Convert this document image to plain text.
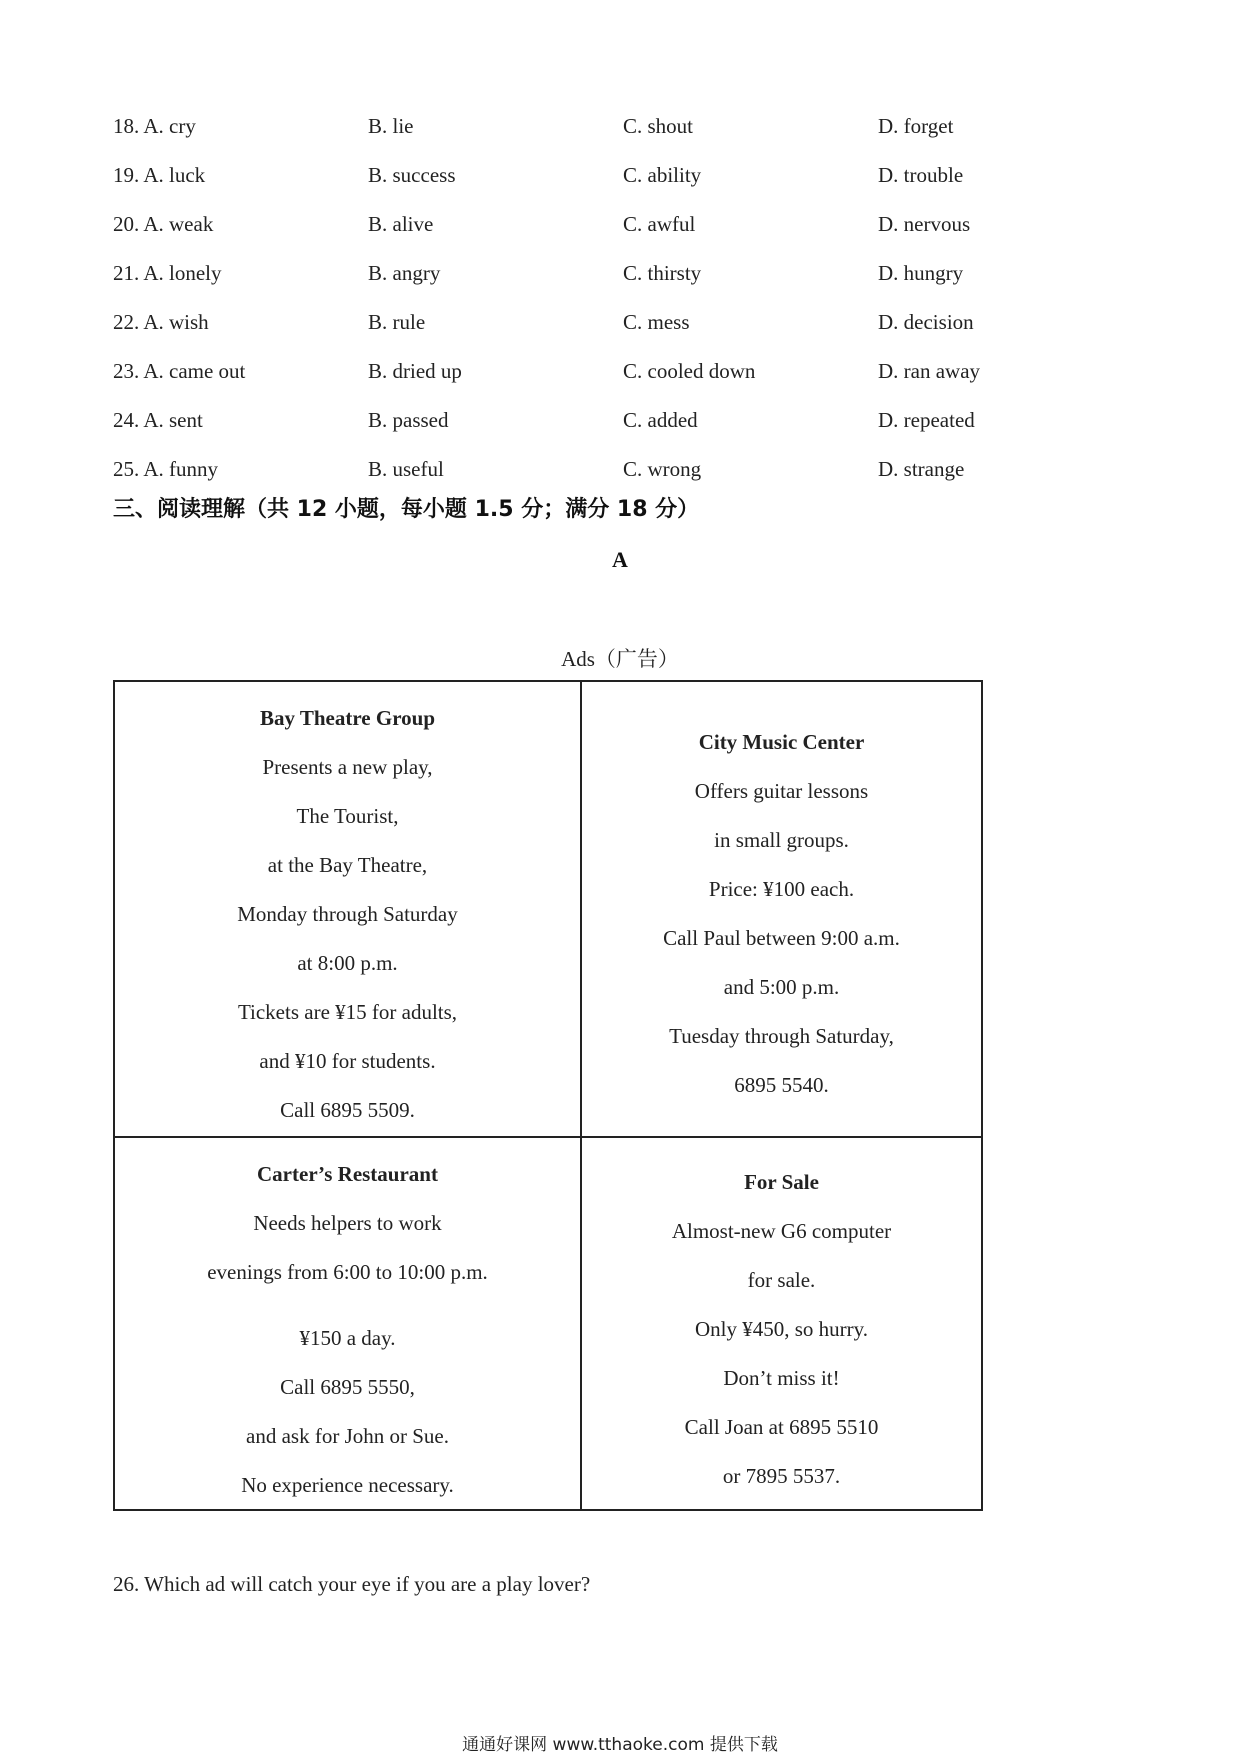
18. A. cry	B. lie	C. shout	D. forget
19. A. luck	B. success	C. ability	D. trouble
20. A. weak	B. alive	C. awful	D. nervous
21. A. lonely	B. angry	C. thirsty	D. hungry
22. A. wish	B. rule	C. mess	D. decision
23. A. came out	B. dried up	C. cooled down	D. ran away
24. A. sent	B. passed	C. added	D. repeated
25. A. funny	B. useful	C. wrong	D. strange
三、阅读理解（共 12 小题，每小题 1.5 分；满分 18 分）
A
Ads（广告）
Bay Theatre Group
Presents a new play,
The Tourist,
at the Bay Theatre,
Monday through Saturday
at 8:00 p.m.
Tickets are ¥15 for adults,
and ¥10 for students.
Call 6895 5509.
City Music Center
Offers guitar lessons
in small groups.
Price: ¥100 each.
Call Paul between 9:00 a.m.
and 5:00 p.m.
Tuesday through Saturday,
6895 5540.
Carter’s Restaurant
Needs helpers to work
evenings from 6:00 to 10:00 p.m.
¥150 a day.
Call 6895 5550,
and ask for John or Sue.
No experience necessary.
For Sale
Almost-new G6 computer
for sale.
Only ¥450, so hurry.
Don’t miss it!
Call Joan at 6895 5510
or 7895 5537.
26. Which ad will catch your eye if you are a play lover?
通通好课网 www.tthaoke.com 提供下载
